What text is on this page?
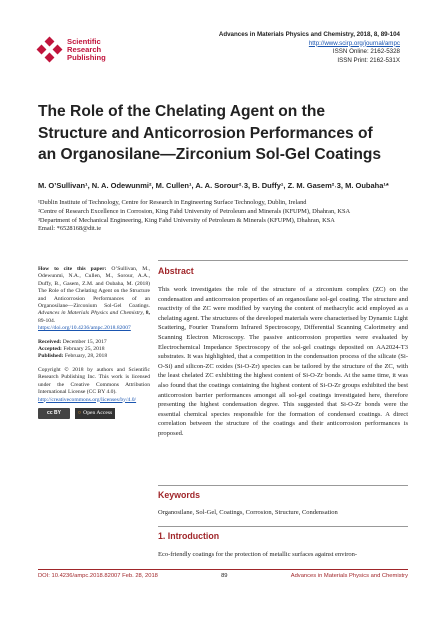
Scientific
Research
Publishing
Advances in Materials Physics and Chemistry, 2018, 8, 89-104
http://www.scirp.org/journal/ampc
ISSN Online: 2162-5328
ISSN Print: 2162-531X
The Role of the Chelating Agent on the
Structure and Anticorrosion Performances of
an Organosilane—Zirconium Sol-Gel Coatings
M. O’Sullivan¹, N. A. Odewunmi², M. Cullen¹, A. A. Sorour²˒3, B. Duffy¹, Z. M. Gasem²˒3, M. Oubaha¹*
¹Dublin Institute of Technology, Centre for Research in Engineering Surface Technology, Dublin, Ireland
²Centre of Research Excellence in Corrosion, King Fahd University of Petroleum and Minerals (KFUPM), Dhahran, KSA
³Department of Mechanical Engineering, King Fahd University of Petroleum & Minerals (KFUPM), Dhahran, KSA
Email: *6528168@dit.ie
How to cite this paper: O’Sullivan, M., Odewunmi, N.A., Cullen, M., Sorour, A.A., Duffy, B., Gasem, Z.M. and Oubaha, M. (2018) The Role of the Chelating Agent on the Structure and Anticorrosion Performances of an Organosilane—Zirconium Sol-Gel Coatings. Advances in Materials Physics and Chemistry, 8, 89-104.
https://doi.org/10.4236/ampc.2018.82007
Received: December 15, 2017
Accepted: February 25, 2018
Published: February, 28, 2018
Copyright © 2018 by authors and Scientific Research Publishing Inc. This work is licensed under the Creative Commons Attribution International License (CC BY 4.0).
http://creativecommons.org/licenses/by/4.0/
cc BY	○ Open Access
Abstract
This work investigates the role of the structure of a zirconium complex (ZC) on the condensation and anticorrosion properties of an organosilane sol-gel coating. The structure and reactivity of the ZC were modified by varying the content of methacrylic acid employed as a chelating agent. The structures of the developed materials were characterised by Dynamic Light Scattering, Fourier Transform Infrared Spectroscopy, Differential Scanning Calorimetry and Scanning Electron Microscopy. The passive anticorrosion properties were evaluated by Electrochemical Impedance Spectroscopy of the sol-gel coatings deposited on AA2024-T3 substrates. It was highlighted, that a competition in the condensation process of the silicate (Si-O-Si) and silicon-ZC oxides (Si-O-Zr) species can be tailored by the structure of the ZC, with the least chelated ZC exhibiting the highest content of Si-O-Zr bonds. At the same time, it was also found that the coatings containing the highest content of Si-O-Zr groups exhibited the best anticorrosion barrier performances amongst all sol-gel coatings investigated here, therefore presenting the highest condensation degree. This suggested that Si-O-Zr bonds were the essential chemical species responsible for the formation of condensed coatings. A direct correlation between the structure of the coatings and their anticorrosion performances is proposed.
Keywords
Organosilane, Sol-Gel, Coatings, Corrosion, Structure, Condensation
1. Introduction
Eco-friendly coatings for the protection of metallic surfaces against environ-
DOI: 10.4236/ampc.2018.82007 Feb. 28, 2018	89	Advances in Materials Physics and Chemistry
